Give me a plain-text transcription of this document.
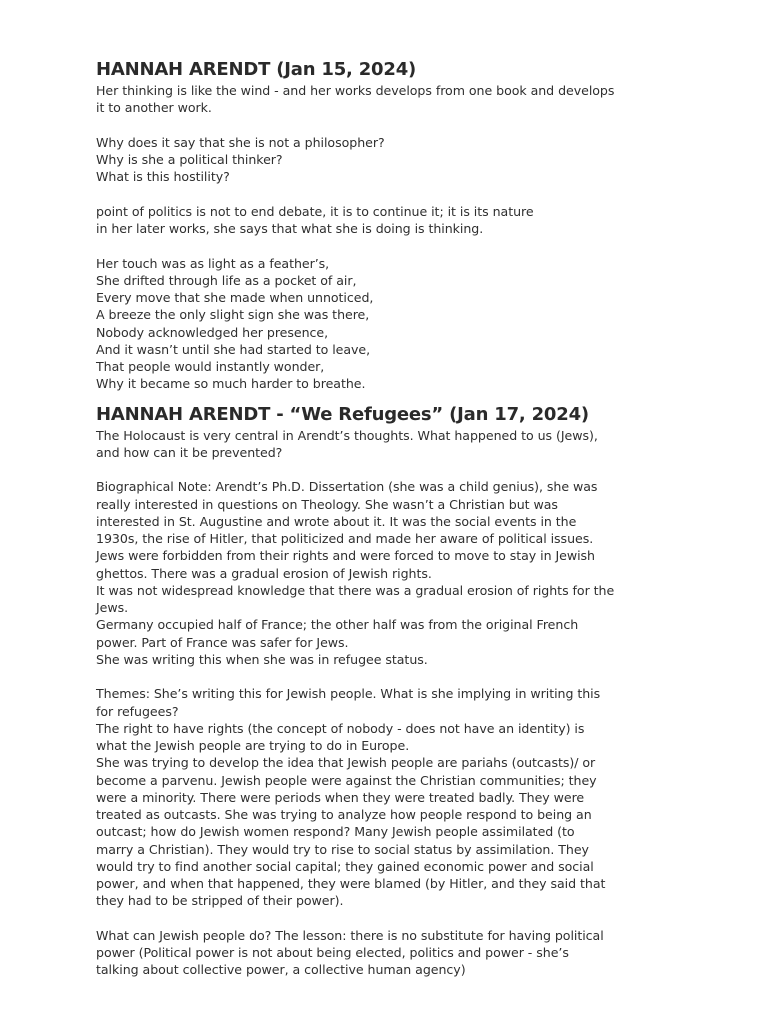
HANNAH ARENDT (Jan 15, 2024)
Her thinking is like the wind - and her works develops from one book and develops
it to another work.
Why does it say that she is not a philosopher?
Why is she a political thinker?
What is this hostility?
point of politics is not to end debate, it is to continue it; it is its nature
in her later works, she says that what she is doing is thinking.
Her touch was as light as a feather’s,
She drifted through life as a pocket of air,
Every move that she made when unnoticed,
A breeze the only slight sign she was there,
Nobody acknowledged her presence,
And it wasn’t until she had started to leave,
That people would instantly wonder,
Why it became so much harder to breathe.
HANNAH ARENDT - “We Refugees” (Jan 17, 2024)
The Holocaust is very central in Arendt’s thoughts. What happened to us (Jews),
and how can it be prevented?
Biographical Note: Arendt’s Ph.D. Dissertation (she was a child genius), she was
really interested in questions on Theology. She wasn’t a Christian but was
interested in St. Augustine and wrote about it. It was the social events in the
1930s, the rise of Hitler, that politicized and made her aware of political issues.
Jews were forbidden from their rights and were forced to move to stay in Jewish
ghettos. There was a gradual erosion of Jewish rights.
It was not widespread knowledge that there was a gradual erosion of rights for the
Jews.
Germany occupied half of France; the other half was from the original French
power. Part of France was safer for Jews.
She was writing this when she was in refugee status.
Themes: She’s writing this for Jewish people. What is she implying in writing this
for refugees?
The right to have rights (the concept of nobody - does not have an identity) is
what the Jewish people are trying to do in Europe.
She was trying to develop the idea that Jewish people are pariahs (outcasts)/ or
become a parvenu. Jewish people were against the Christian communities; they
were a minority. There were periods when they were treated badly. They were
treated as outcasts. She was trying to analyze how people respond to being an
outcast; how do Jewish women respond? Many Jewish people assimilated (to
marry a Christian). They would try to rise to social status by assimilation. They
would try to find another social capital; they gained economic power and social
power, and when that happened, they were blamed (by Hitler, and they said that
they had to be stripped of their power).
What can Jewish people do? The lesson: there is no substitute for having political
power (Political power is not about being elected, politics and power - she’s
talking about collective power, a collective human agency)
